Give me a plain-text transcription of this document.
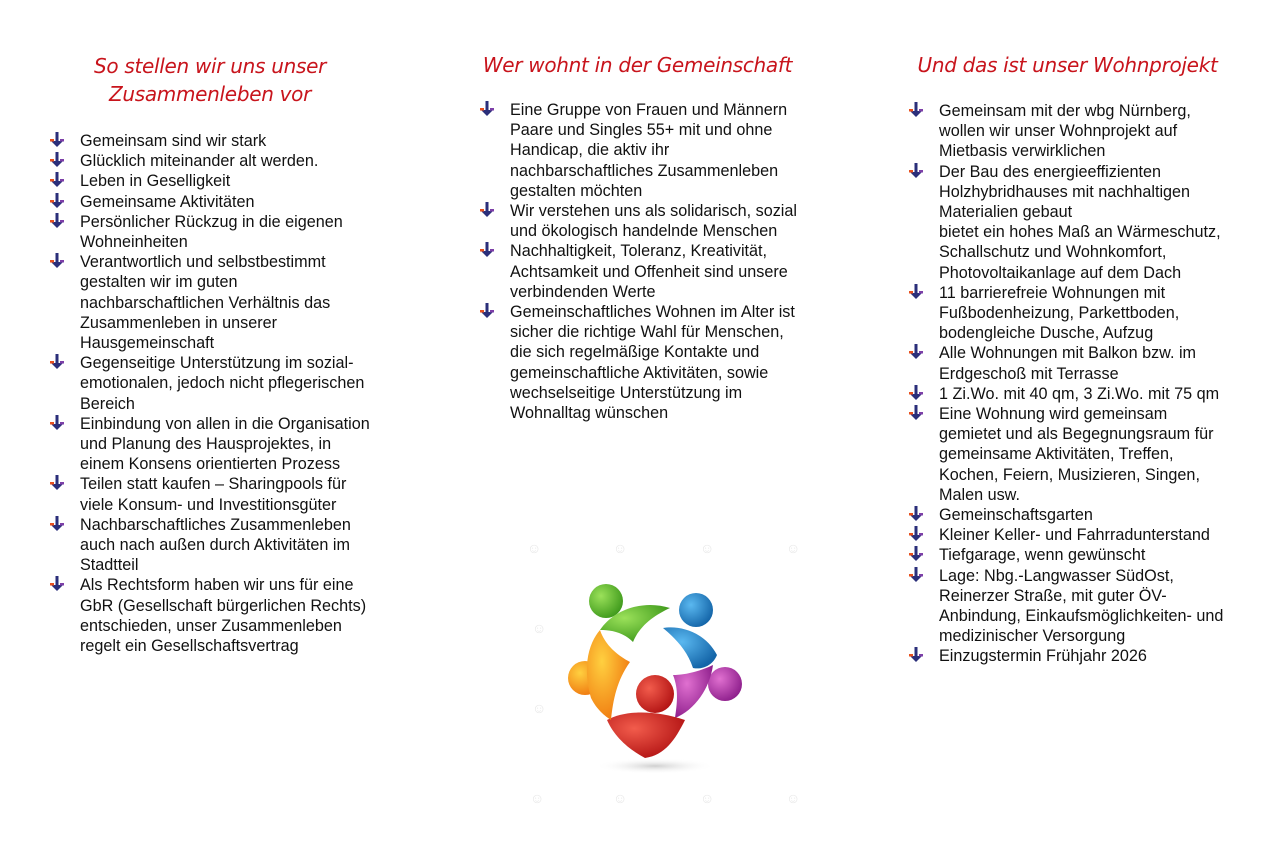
So stellen wir uns unser
Zusammenleben vor
Gemeinsam sind wir stark
Glücklich miteinander alt werden.
Leben in Geselligkeit
Gemeinsame Aktivitäten
Persönlicher Rückzug in die eigenen
Wohneinheiten
Verantwortlich und selbstbestimmt
gestalten wir im guten
nachbarschaftlichen Verhältnis das
Zusammenleben in unserer
Hausgemeinschaft
Gegenseitige Unterstützung im sozial-
emotionalen, jedoch nicht pflegerischen
Bereich
Einbindung von allen in die Organisation
und Planung des Hausprojektes, in
einem Konsens orientierten Prozess
Teilen statt kaufen – Sharingpools für
viele Konsum- und Investitionsgüter
Nachbarschaftliches Zusammenleben
auch nach außen durch Aktivitäten im
Stadtteil
Als Rechtsform haben wir uns für eine
GbR (Gesellschaft bürgerlichen Rechts)
entschieden, unser Zusammenleben
regelt ein Gesellschaftsvertrag
Wer wohnt in der Gemeinschaft
Eine Gruppe von Frauen und Männern
Paare und Singles 55+ mit und ohne
Handicap, die aktiv ihr
nachbarschaftliches Zusammenleben
gestalten möchten
Wir verstehen uns als solidarisch, sozial
und ökologisch handelnde Menschen
Nachhaltigkeit, Toleranz, Kreativität,
Achtsamkeit und Offenheit sind unsere
verbindenden Werte
Gemeinschaftliches Wohnen im Alter ist
sicher die richtige Wahl für Menschen,
die sich regelmäßige Kontakte und
gemeinschaftliche Aktivitäten, sowie
wechselseitige Unterstützung im
Wohnalltag wünschen
Und das ist unser Wohnprojekt
Gemeinsam mit der wbg Nürnberg,
wollen wir unser Wohnprojekt auf
Mietbasis verwirklichen
Der Bau des energieeffizienten
Holzhybridhauses mit nachhaltigen
Materialien gebaut
bietet ein hohes Maß an Wärmeschutz,
Schallschutz und Wohnkomfort,
Photovoltaikanlage auf dem Dach
11 barrierefreie Wohnungen mit
Fußbodenheizung, Parkettboden,
bodengleiche Dusche, Aufzug
Alle Wohnungen mit Balkon bzw. im
Erdgeschoß mit Terrasse
1 Zi.Wo. mit 40 qm, 3 Zi.Wo. mit 75 qm
Eine Wohnung wird gemeinsam
gemietet und als Begegnungsraum für
gemeinsame Aktivitäten, Treffen,
Kochen, Feiern, Musizieren, Singen,
Malen usw.
Gemeinschaftsgarten
Kleiner Keller- und Fahrradunterstand
Tiefgarage, wenn gewünscht
Lage: Nbg.-Langwasser SüdOst,
Reinerzer Straße, mit guter ÖV-
Anbindung, Einkaufsmöglichkeiten- und
medizinischer Versorgung
Einzugstermin Frühjahr 2026
☺	☺	☺	☺
☺
☺
☺	☺	☺	☺
